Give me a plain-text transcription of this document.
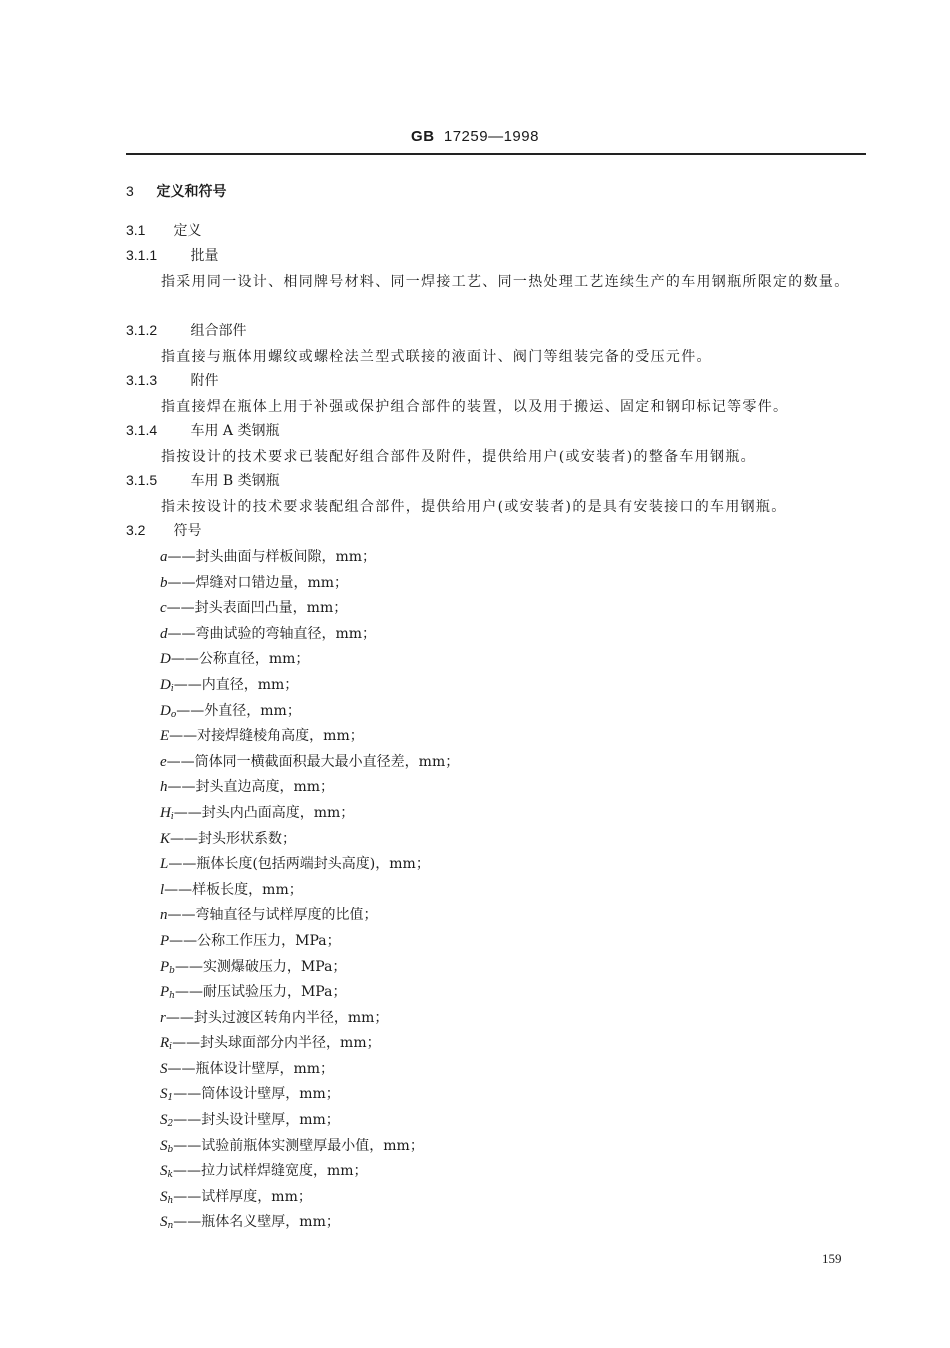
GB 17259—1998
3 定义和符号
3.1 定义
3.1.1 批量
指采用同一设计、相同牌号材料、同一焊接工艺、同一热处理工艺连续生产的车用钢瓶所限定的数量。
3.1.2 组合部件
指直接与瓶体用螺纹或螺栓法兰型式联接的液面计、阀门等组装完备的受压元件。
3.1.3 附件
指直接焊在瓶体上用于补强或保护组合部件的装置，以及用于搬运、固定和钢印标记等零件。
3.1.4 车用 A 类钢瓶
指按设计的技术要求已装配好组合部件及附件，提供给用户(或安装者)的整备车用钢瓶。
3.1.5 车用 B 类钢瓶
指未按设计的技术要求装配组合部件，提供给用户(或安装者)的是具有安装接口的车用钢瓶。
3.2 符号
a——封头曲面与样板间隙，mm；
b——焊缝对口错边量，mm；
c——封头表面凹凸量，mm；
d——弯曲试验的弯轴直径，mm；
D——公称直径，mm；
$D_i——$内直径，mm；
$D_o——$外直径，mm；
E——对接焊缝棱角高度，mm；
e——筒体同一横截面积最大最小直径差，mm；
h——封头直边高度，mm；
$H_i——$封头内凸面高度，mm；
K——封头形状系数；
L——瓶体长度(包括两端封头高度)，mm；
l——样板长度，mm；
n——弯轴直径与试样厚度的比值；
P——公称工作压力，MPa；
$P_b——$实测爆破压力，MPa；
$P_h——$耐压试验压力，MPa；
r——封头过渡区转角内半径，mm；
$R_i——$封头球面部分内半径，mm；
S——瓶体设计壁厚，mm；
$S_1——$筒体设计壁厚，mm；
$S_2——$封头设计壁厚，mm；
$S_b——$试验前瓶体实测壁厚最小值，mm；
$S_k——$拉力试样焊缝宽度，mm；
$S_h——$试样厚度，mm；
$S_n——$瓶体名义壁厚，mm；
159
